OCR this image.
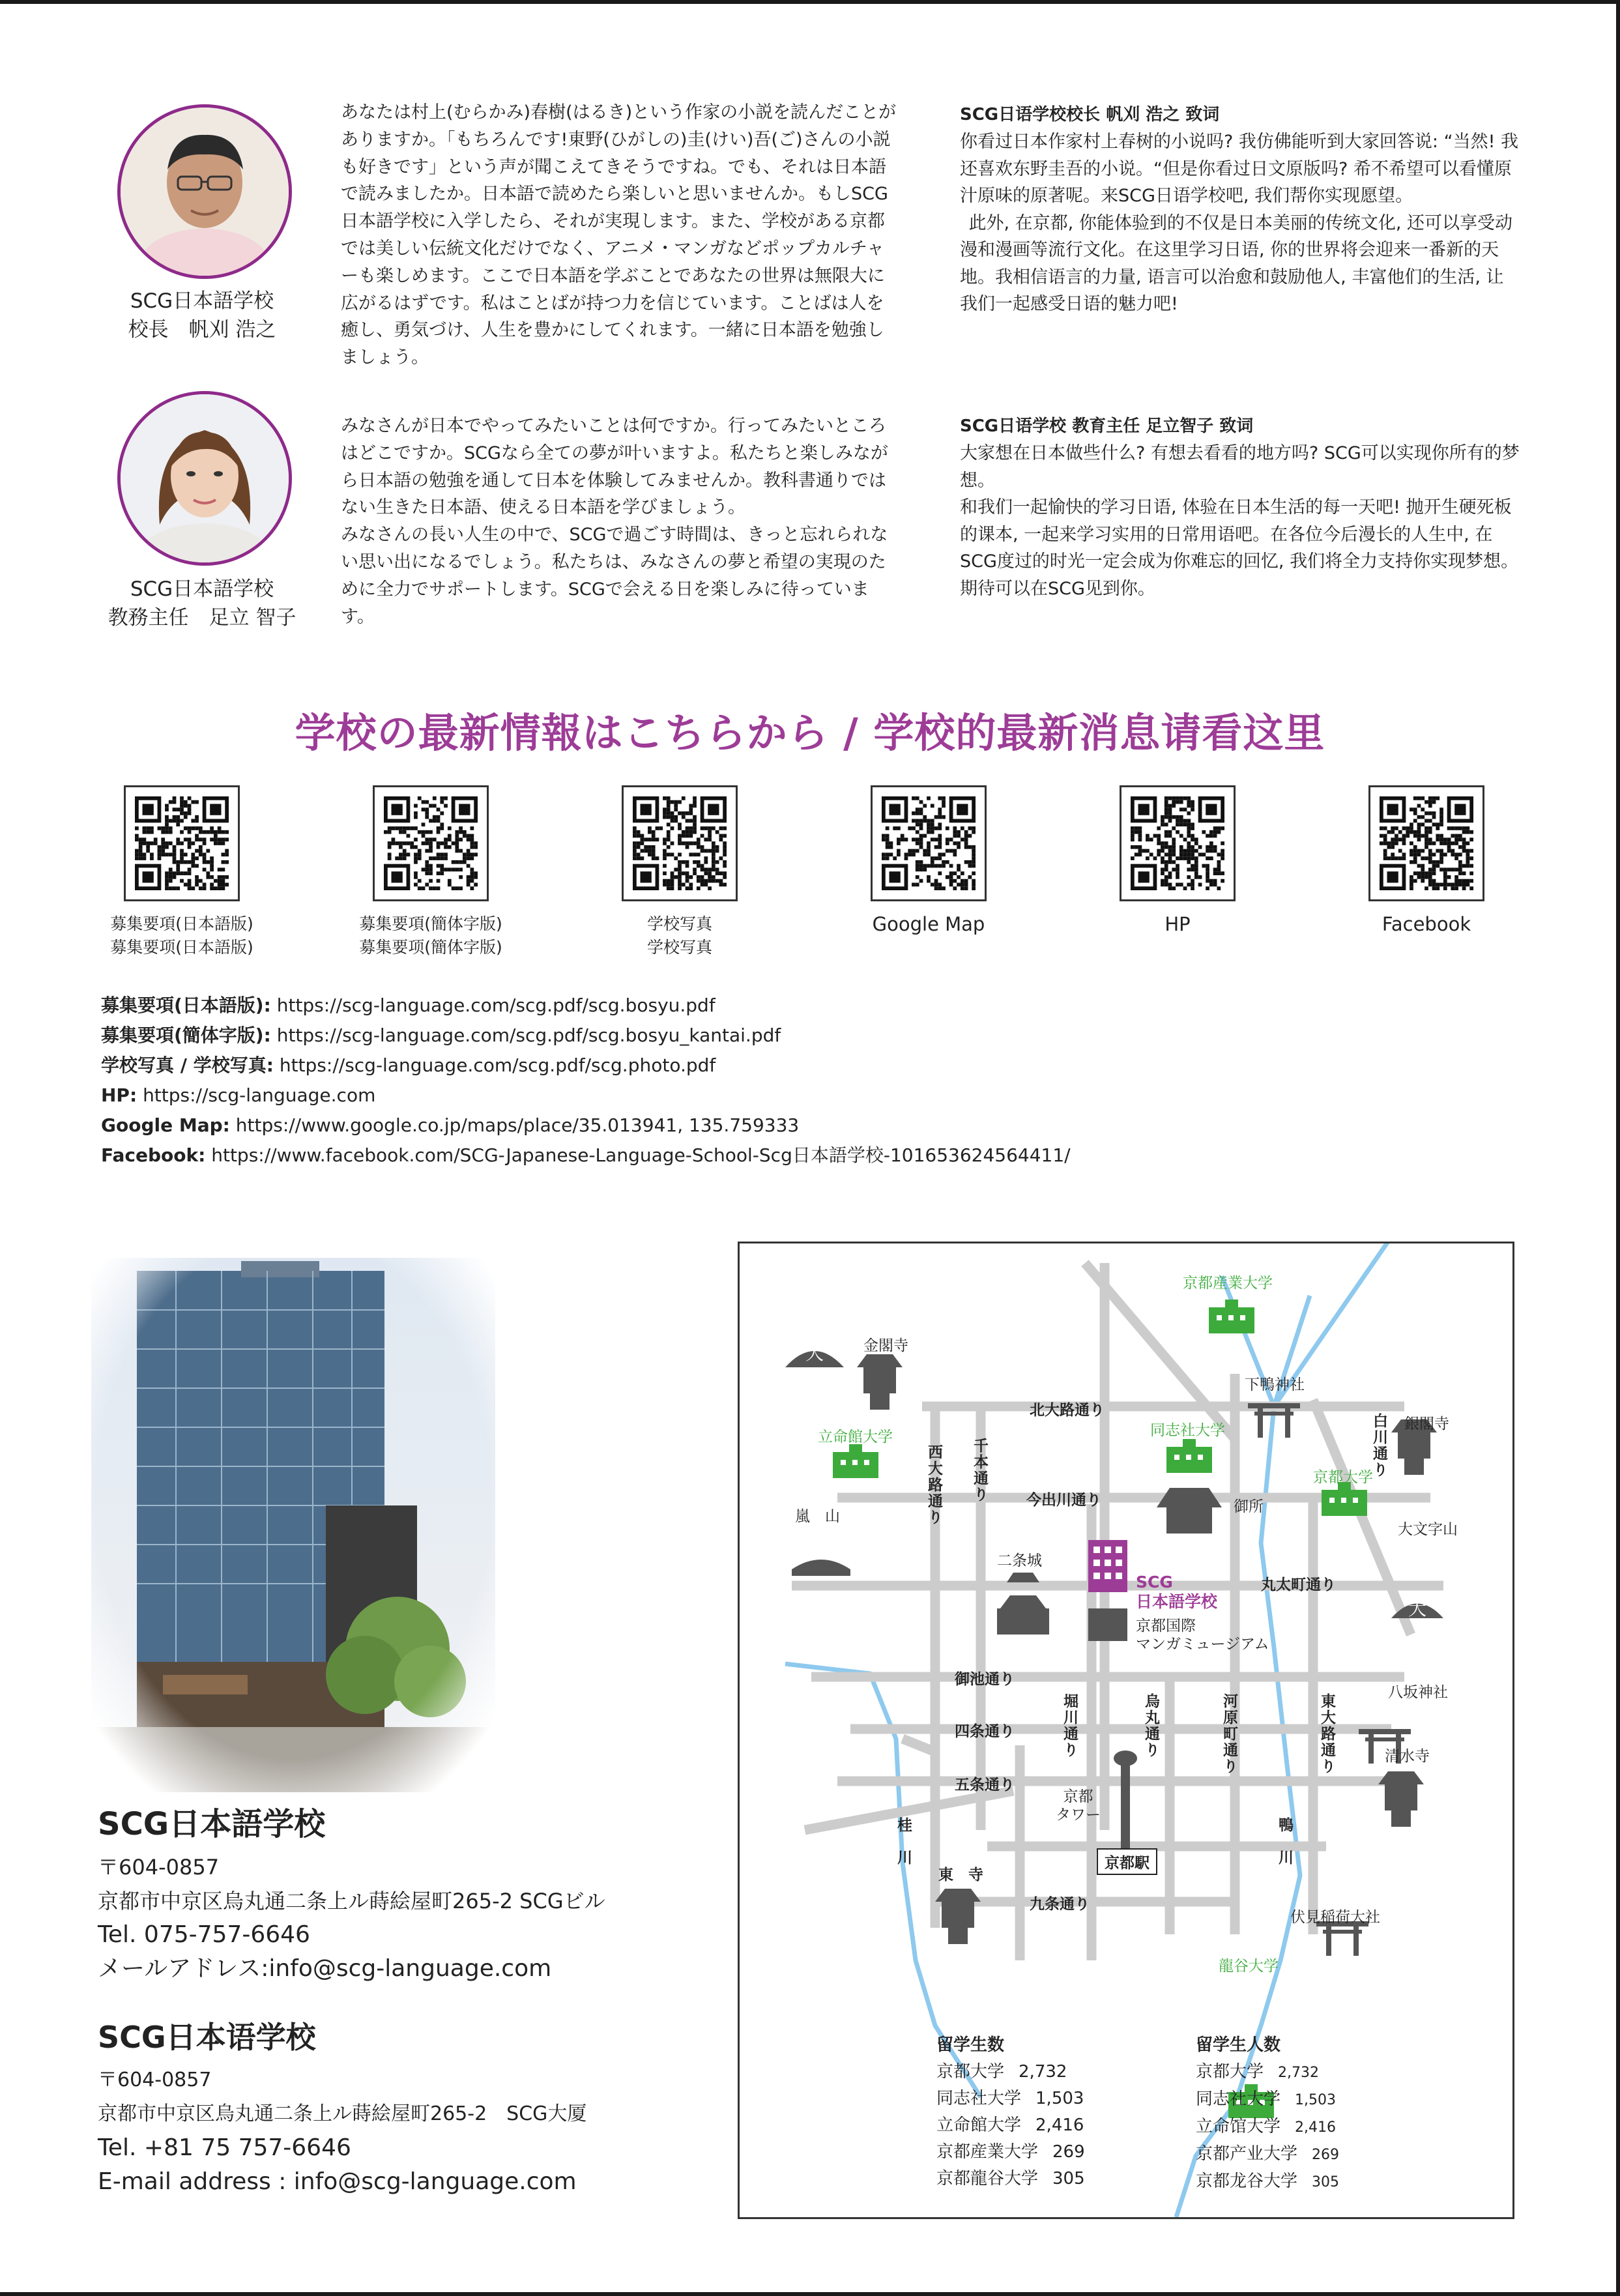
SCG日本語学校
校長　帆刈 浩之

あなたは村上(むらかみ)春樹(はるき)という作家の小説を読んだことがありますか。「もちろんです!東野(ひがしの)圭(けい)吾(ご)さんの小説も好きです」という声が聞こえてきそうですね。でも、それは日本語で読みましたか。日本語で読めたら楽しいと思いませんか。もしSCG日本語学校に入学したら、それが実現します。また、学校がある京都では美しい伝統文化だけでなく、アニメ・マンガなどポップカルチャーも楽しめます。ここで日本語を学ぶことであなたの世界は無限大に広がるはずです。私はことばが持つ力を信じています。ことばは人を癒し、勇気づけ、人生を豊かにしてくれます。一緒に日本語を勉強しましょう。

SCG日语学校校长 帆刈 浩之 致词

你看过日本作家村上春树的小说吗? 我仿佛能听到大家回答说: “当然! 我还喜欢东野圭吾的小说。“但是你看过日文原版吗? 希不希望可以看懂原汁原味的原著呢。来SCG日语学校吧, 我们帮你实现愿望。

此外, 在京都, 你能体验到的不仅是日本美丽的传统文化, 还可以享受动漫和漫画等流行文化。在这里学习日语, 你的世界将会迎来一番新的天地。我相信语言的力量, 语言可以治愈和鼓励他人, 丰富他们的生活, 让我们一起感受日语的魅力吧!

SCG日本語学校
教務主任　足立 智子

みなさんが日本でやってみたいことは何ですか。行ってみたいところはどこですか。SCGなら全ての夢が叶いますよ。私たちと楽しみながら日本語の勉強を通して日本を体験してみませんか。教科書通りではない生きた日本語、使える日本語を学びましょう。

みなさんの長い人生の中で、SCGで過ごす時間は、きっと忘れられない思い出になるでしょう。私たちは、みなさんの夢と希望の実現のために全力でサポートします。SCGで会える日を楽しみに待っています。

SCG日语学校 教育主任 足立智子 致词

大家想在日本做些什么? 有想去看看的地方吗? SCG可以实现你所有的梦想。

和我们一起愉快的学习日语, 体验在日本生活的每一天吧! 抛开生硬死板的课本, 一起来学习实用的日常用语吧。在各位今后漫长的人生中, 在SCG度过的时光一定会成为你难忘的回忆, 我们将全力支持你实现梦想。

期待可以在SCG见到你。

学校の最新情報はこちらから / 学校的最新消息请看这里
募集要項(日本語版)
募集要项(日本語版)
募集要項(簡体字版)
募集要项(簡体字版)
学校写真
学校写真
Google Map	HP	Facebook
募集要項(日本語版): https://scg-language.com/scg.pdf/scg.bosyu.pdf
募集要項(簡体字版): https://scg-language.com/scg.pdf/scg.bosyu_kantai.pdf
学校写真 / 学校写真: https://scg-language.com/scg.pdf/scg.photo.pdf
HP: https://scg-language.com
Google Map: https://www.google.co.jp/maps/place/35.013941, 135.759333
Facebook: https://www.facebook.com/SCG-Japanese-Language-School-Scg日本語学校-101653624564411/
SCG日本語学校
〒604-0857
京都市中京区烏丸通二条上ル蒔絵屋町265-2 SCGビル
Tel. 075-757-6646
メールアドレス:info@scg-language.com
SCG日本语学校
〒604-0857
京都市中京区烏丸通二条上ル蒔絵屋町265-2　SCG大厦
Tel. +81 75 757-6646
E-mail address : info@scg-language.com
大
大
京都産業大学
金閣寺
下鴨神社
立命館大学	同志社大学	銀閣寺
北大路通り
今出川通り
京都大学
御所
嵐　山
大文字山
二条城
丸太町通り
SCG
日本語学校
京都国際
マンガミュージアム
御池通り
八坂神社
四条通り
五条通り
清水寺
京都
タワー
京都駅
東　寺
九条通り
伏見稲荷大社
龍谷大学
西大路通り 千本通り	白川通り
堀川通り	烏丸通り	河原町通り	東大路通り
桂　川	鴨　川
留学生数
京都大学 2,732
同志社大学 1,503
立命館大学 2,416
京都産業大学 269
京都龍谷大学 305
留学生人数
京都大学 2,732
同志社大学 1,503
立命馆大学 2,416
京都产业大学 269
京都龙谷大学 305
